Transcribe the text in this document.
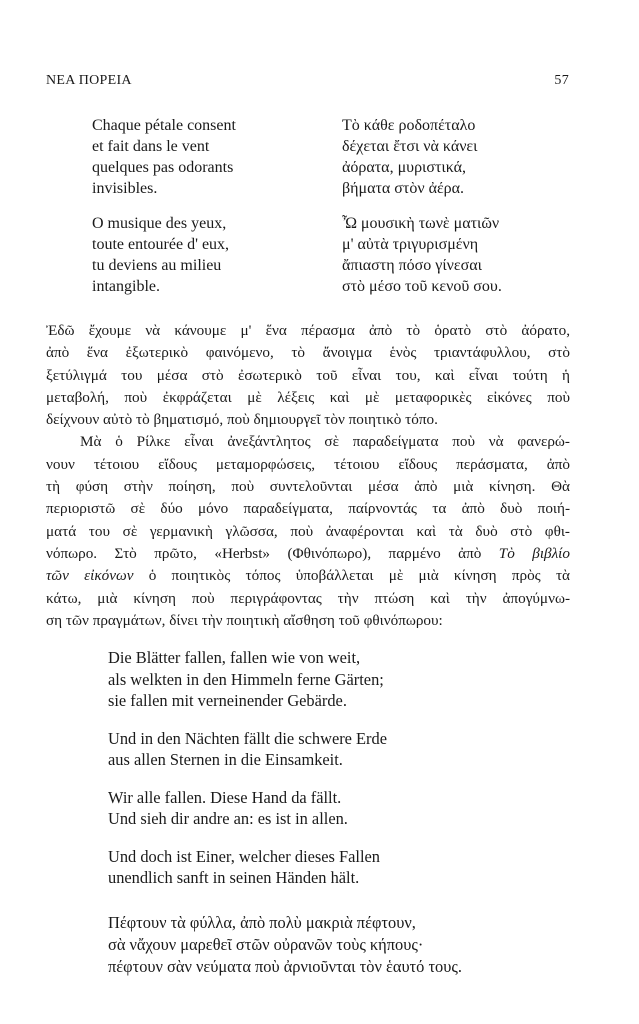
ΝΕΑ ΠΟΡΕΙΑ	57
Chaque pétale consent
et fait dans le vent
quelques pas odorants
invisibles.
O musique des yeux,
toute entourée d' eux,
tu deviens au milieu
intangible.
Τὸ κάθε ροδοπέταλο
δέχεται ἔτσι νὰ κάνει
ἀόρατα, μυριστικά,
βήματα στὸν ἀέρα.
Ὦ μουσικὴ τωνὲ ματιῶν
μ' αὐτὰ τριγυρισμένη
ἄπιαστη πόσο γίνεσαι
στὸ μέσο τοῦ κενοῦ σου.
Ἐδῶ ἔχουμε νὰ κάνουμε μ' ἕνα πέρασμα ἀπὸ τὸ ὁρατὸ στὸ ἀόρατο,
ἀπὸ ἕνα ἐξωτερικὸ φαινόμενο, τὸ ἄνοιγμα ἑνὸς τριαντάφυλλου, στὸ
ξετύλιγμά του μέσα στὸ ἐσωτερικὸ τοῦ εἶναι του, καὶ εἶναι τούτη ἡ
μεταβολή, ποὺ ἐκφράζεται μὲ λέξεις καὶ μὲ μεταφορικὲς εἰκόνες ποὺ
δείχνουν αὐτὸ τὸ βηματισμό, ποὺ δημιουργεῖ τὸν ποιητικὸ τόπο.
Μὰ ὁ Ρίλκε εἶναι ἀνεξάντλητος σὲ παραδείγματα ποὺ νὰ φανερώ-
νουν τέτοιου εἴδους μεταμορφώσεις, τέτοιου εἴδους περάσματα, ἀπὸ
τὴ φύση στὴν ποίηση, ποὺ συντελοῦνται μέσα ἀπὸ μιὰ κίνηση. Θὰ
περιοριστῶ σὲ δύο μόνο παραδείγματα, παίρνοντάς τα ἀπὸ δυὸ ποιή-
ματά του σὲ γερμανικὴ γλῶσσα, ποὺ ἀναφέρονται καὶ τὰ δυὸ στὸ φθι-
νόπωρο. Στὸ πρῶτο, «Herbst» (Φθινόπωρο), παρμένο ἀπὸ Τὸ βιβλίο
τῶν εἰκόνων ὁ ποιητικὸς τόπος ὑποβάλλεται μὲ μιὰ κίνηση πρὸς τὰ
κάτω, μιὰ κίνηση ποὺ περιγράφοντας τὴν πτώση καὶ τὴν ἀπογύμνω-
ση τῶν πραγμάτων, δίνει τὴν ποιητικὴ αἴσθηση τοῦ φθινόπωρου:
Die Blätter fallen, fallen wie von weit,
als welkten in den Himmeln ferne Gärten;
sie fallen mit verneinender Gebärde.
Und in den Nächten fällt die schwere Erde
aus allen Sternen in die Einsamkeit.
Wir alle fallen. Diese Hand da fällt.
Und sieh dir andre an: es ist in allen.
Und doch ist Einer, welcher dieses Fallen
unendlich sanft in seinen Händen hält.
Πέφτουν τὰ φύλλα, ἀπὸ πολὺ μακριὰ πέφτουν,
σὰ νἄχουν μαρεθεῖ στῶν οὐρανῶν τοὺς κήπους·
πέφτουν σὰν νεύματα ποὺ ἀρνιοῦνται τὸν ἑαυτό τους.
